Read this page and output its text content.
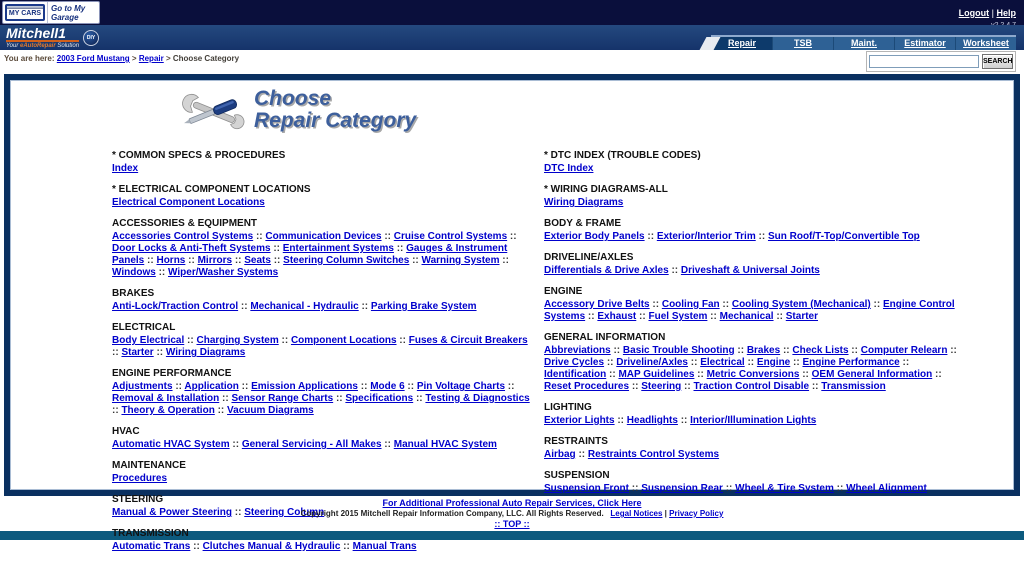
MY CARS
Go to My Garage	Logout | Help
Mitchell1
Your eAutoRepair Solution
DIY	Repair	TSB	Maint.	Estimator	Worksheet
You are here: 2003 Ford Mustang > Repair > Choose Category	SEARCH
Choose
Repair Category
* COMMON SPECS & PROCEDURES
Index
* ELECTRICAL COMPONENT LOCATIONS
Electrical Component Locations
ACCESSORIES & EQUIPMENT
Accessories Control Systems :: Communication Devices :: Cruise Control Systems :: Door Locks & Anti-Theft Systems :: Entertainment Systems :: Gauges & Instrument Panels :: Horns :: Mirrors :: Seats :: Steering Column Switches :: Warning System :: Windows :: Wiper/Washer Systems
BRAKES
Anti-Lock/Traction Control :: Mechanical - Hydraulic :: Parking Brake System
ELECTRICAL
Body Electrical :: Charging System :: Component Locations :: Fuses & Circuit Breakers :: Starter :: Wiring Diagrams
ENGINE PERFORMANCE
Adjustments :: Application :: Emission Applications :: Mode 6 :: Pin Voltage Charts :: Removal & Installation :: Sensor Range Charts :: Specifications :: Testing & Diagnostics :: Theory & Operation :: Vacuum Diagrams
HVAC
Automatic HVAC System :: General Servicing - All Makes :: Manual HVAC System
MAINTENANCE
Procedures
STEERING
Manual & Power Steering :: Steering Column
TRANSMISSION
Automatic Trans :: Clutches Manual & Hydraulic :: Manual Trans
* DTC INDEX (TROUBLE CODES)
DTC Index
* WIRING DIAGRAMS-ALL
Wiring Diagrams
BODY & FRAME
Exterior Body Panels :: Exterior/Interior Trim :: Sun Roof/T-Top/Convertible Top
DRIVELINE/AXLES
Differentials & Drive Axles :: Driveshaft & Universal Joints
ENGINE
Accessory Drive Belts :: Cooling Fan :: Cooling System (Mechanical) :: Engine Control Systems :: Exhaust :: Fuel System :: Mechanical :: Starter
GENERAL INFORMATION
Abbreviations :: Basic Trouble Shooting :: Brakes :: Check Lists :: Computer Relearn :: Drive Cycles :: Driveline/Axles :: Electrical :: Engine :: Engine Performance :: Identification :: MAP Guidelines :: Metric Conversions :: OEM General Information :: Reset Procedures :: Steering :: Traction Control Disable :: Transmission
LIGHTING
Exterior Lights :: Headlights :: Interior/Illumination Lights
RESTRAINTS
Airbag :: Restraints Control Systems
SUSPENSION
Suspension Front :: Suspension Rear :: Wheel & Tire System :: Wheel Alignment
For Additional Professional Auto Repair Services, Click Here
Copyright 2015 Mitchell Repair Information Company, LLC. All Rights Reserved. Legal Notices | Privacy Policy
:: TOP ::
